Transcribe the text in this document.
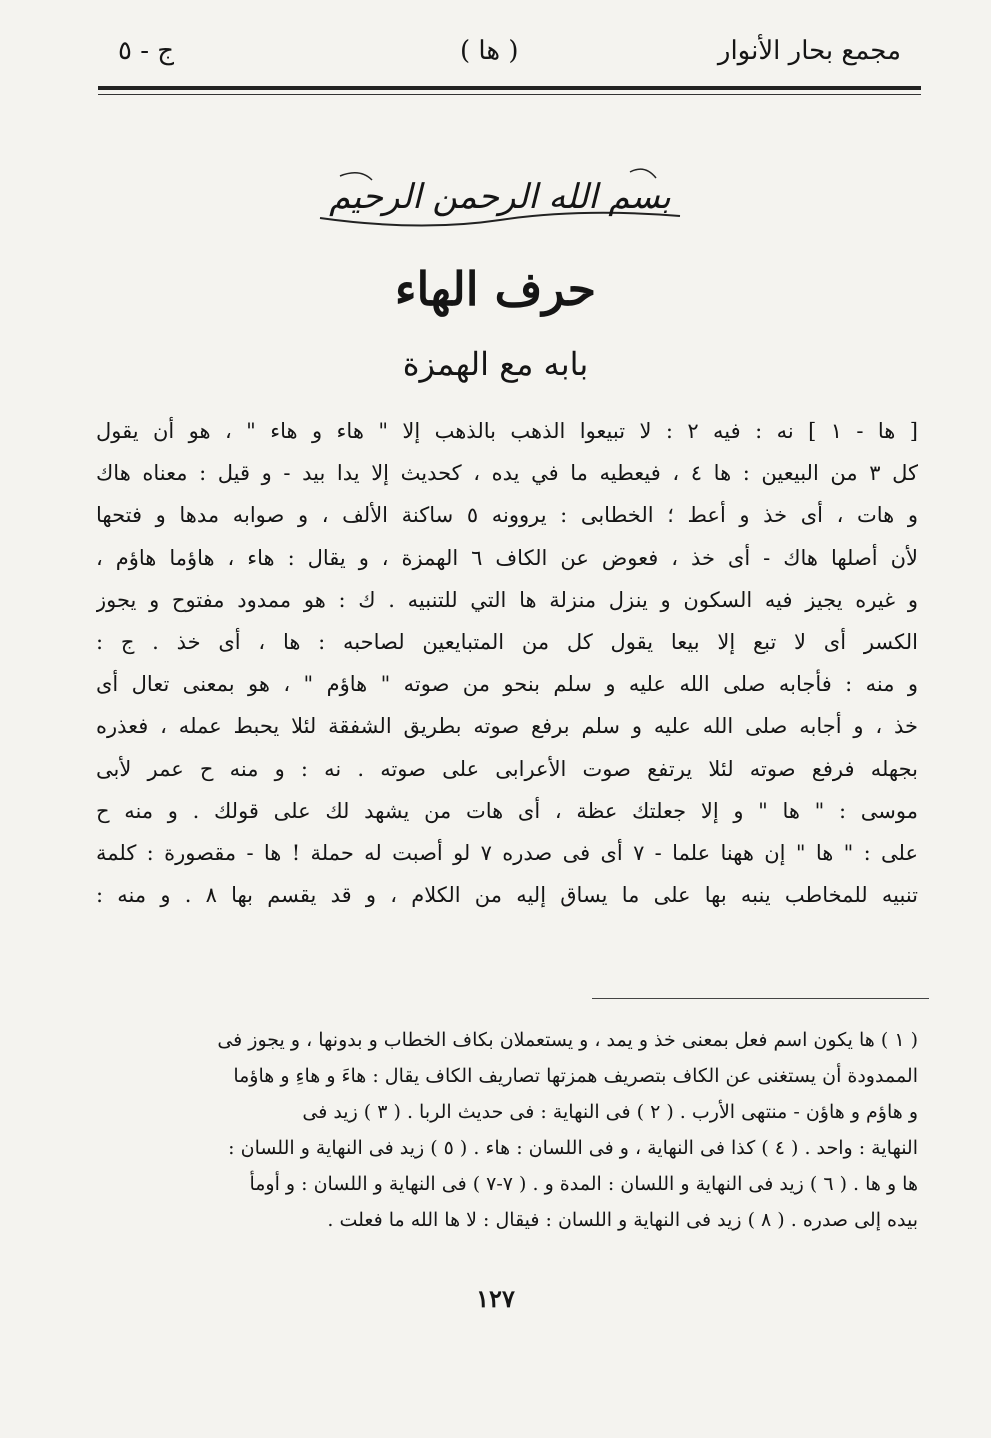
مجمع بحار الأنوار
( ها )
ج - ٥
بسم الله الرحمن الرحيم
حرف الهاء
بابه مع الهمزة
[ ها - ١ ] نه : فيه ٢ : لا تبيعوا الذهب بالذهب إلا " هاء و هاء " ، هو أن يقول
كل ٣ من البيعين : ها ٤ ، فيعطيه ما في يده ، كحديث إلا يدا بيد - و قيل : معناه هاك
و هات ، أى خذ و أعط ؛ الخطابى : يروونه ٥ ساكنة الألف ، و صوابه مدها و فتحها
لأن أصلها هاك - أى خذ ، فعوض عن الكاف ٦ الهمزة ، و يقال : هاء ، هاؤما هاؤم ،
و غيره يجيز فيه السكون و ينزل منزلة ها التي للتنبيه . ك : هو ممدود مفتوح و يجوز
الكسر أى لا تبع إلا بيعا يقول كل من المتبايعين لصاحبه : ها ، أى خذ . ج :
و منه : فأجابه صلى الله عليه و سلم بنحو من صوته " هاؤم " ، هو بمعنى تعال أى
خذ ، و أجابه صلى الله عليه و سلم برفع صوته بطريق الشفقة لئلا يحبط عمله ، فعذره
بجهله فرفع صوته لئلا يرتفع صوت الأعرابى على صوته . نه : و منه ح عمر لأبى
موسى : " ها " و إلا جعلتك عظة ، أى هات من يشهد لك على قولك . و منه ح
على : " ها " إن ههنا علما - ٧ أى فى صدره ٧ لو أصبت له حملة ! ها - مقصورة : كلمة
تنبيه للمخاطب ينبه بها على ما يساق إليه من الكلام ، و قد يقسم بها ٨ . و منه :
( ١ ) ها يكون اسم فعل بمعنى خذ و يمد ، و يستعملان بكاف الخطاب و بدونها ، و يجوز فى
الممدودة أن يستغنى عن الكاف بتصريف همزتها تصاريف الكاف يقال : هاءَ و هاءِ و هاؤما
و هاؤم و هاؤن - منتهى الأرب . ( ٢ ) فى النهاية : فى حديث الربا . ( ٣ ) زيد فى
النهاية : واحد . ( ٤ ) كذا فى النهاية ، و فى اللسان : هاء . ( ٥ ) زيد فى النهاية و اللسان :
ها و ها . ( ٦ ) زيد فى النهاية و اللسان : المدة و . ( ٧-٧ ) فى النهاية و اللسان : و أومأ
بيده إلى صدره . ( ٨ ) زيد فى النهاية و اللسان : فيقال : لا ها الله ما فعلت .
١٢٧
